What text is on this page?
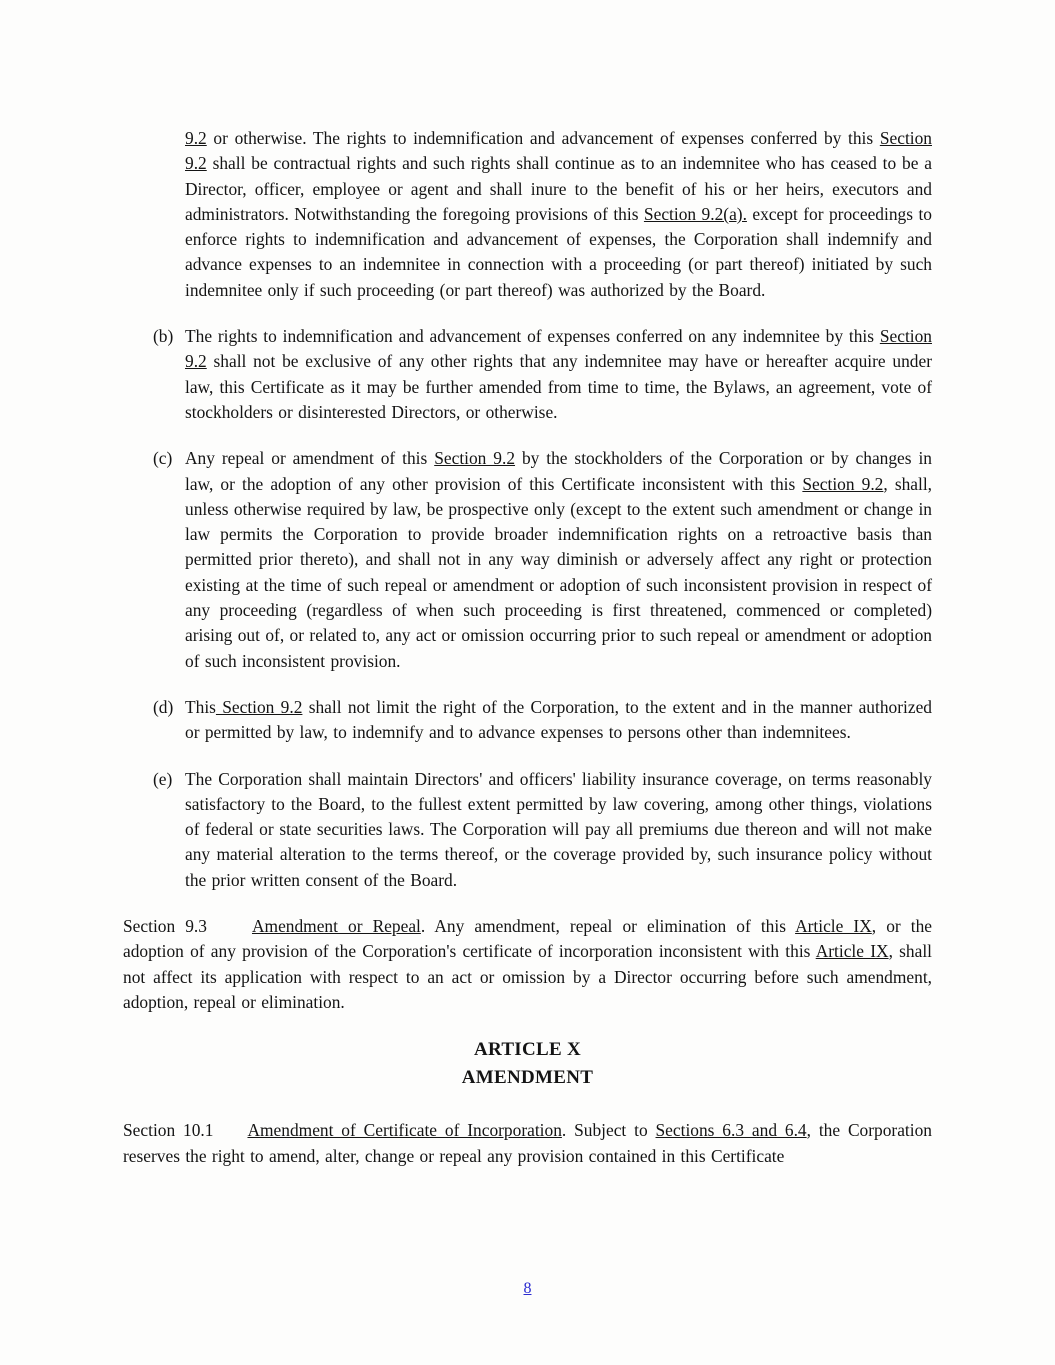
9.2 or otherwise. The rights to indemnification and advancement of expenses conferred by this Section 9.2 shall be contractual rights and such rights shall continue as to an indemnitee who has ceased to be a Director, officer, employee or agent and shall inure to the benefit of his or her heirs, executors and administrators. Notwithstanding the foregoing provisions of this Section 9.2(a). except for proceedings to enforce rights to indemnification and advancement of expenses, the Corporation shall indemnify and advance expenses to an indemnitee in connection with a proceeding (or part thereof) initiated by such indemnitee only if such proceeding (or part thereof) was authorized by the Board.

(b) The rights to indemnification and advancement of expenses conferred on any indemnitee by this Section 9.2 shall not be exclusive of any other rights that any indemnitee may have or hereafter acquire under law, this Certificate as it may be further amended from time to time, the Bylaws, an agreement, vote of stockholders or disinterested Directors, or otherwise.

(c) Any repeal or amendment of this Section 9.2 by the stockholders of the Corporation or by changes in law, or the adoption of any other provision of this Certificate inconsistent with this Section 9.2, shall, unless otherwise required by law, be prospective only (except to the extent such amendment or change in law permits the Corporation to provide broader indemnification rights on a retroactive basis than permitted prior thereto), and shall not in any way diminish or adversely affect any right or protection existing at the time of such repeal or amendment or adoption of such inconsistent provision in respect of any proceeding (regardless of when such proceeding is first threatened, commenced or completed) arising out of, or related to, any act or omission occurring prior to such repeal or amendment or adoption of such inconsistent provision.

(d) This Section 9.2 shall not limit the right of the Corporation, to the extent and in the manner authorized or permitted by law, to indemnify and to advance expenses to persons other than indemnitees.

(e) The Corporation shall maintain Directors' and officers' liability insurance coverage, on terms reasonably satisfactory to the Board, to the fullest extent permitted by law covering, among other things, violations of federal or state securities laws. The Corporation will pay all premiums due thereon and will not make any material alteration to the terms thereof, or the coverage provided by, such insurance policy without the prior written consent of the Board.

Section 9.3	Amendment or Repeal. Any amendment, repeal or elimination of this Article IX, or the adoption of any provision of the Corporation's certificate of incorporation inconsistent with this Article IX, shall not affect its application with respect to an act or omission by a Director occurring before such amendment, adoption, repeal or elimination.

ARTICLE X
AMENDMENT

Section 10.1 Amendment of Certificate of Incorporation. Subject to Sections 6.3 and 6.4, the Corporation reserves the right to amend, alter, change or repeal any provision contained in this Certificate

8
